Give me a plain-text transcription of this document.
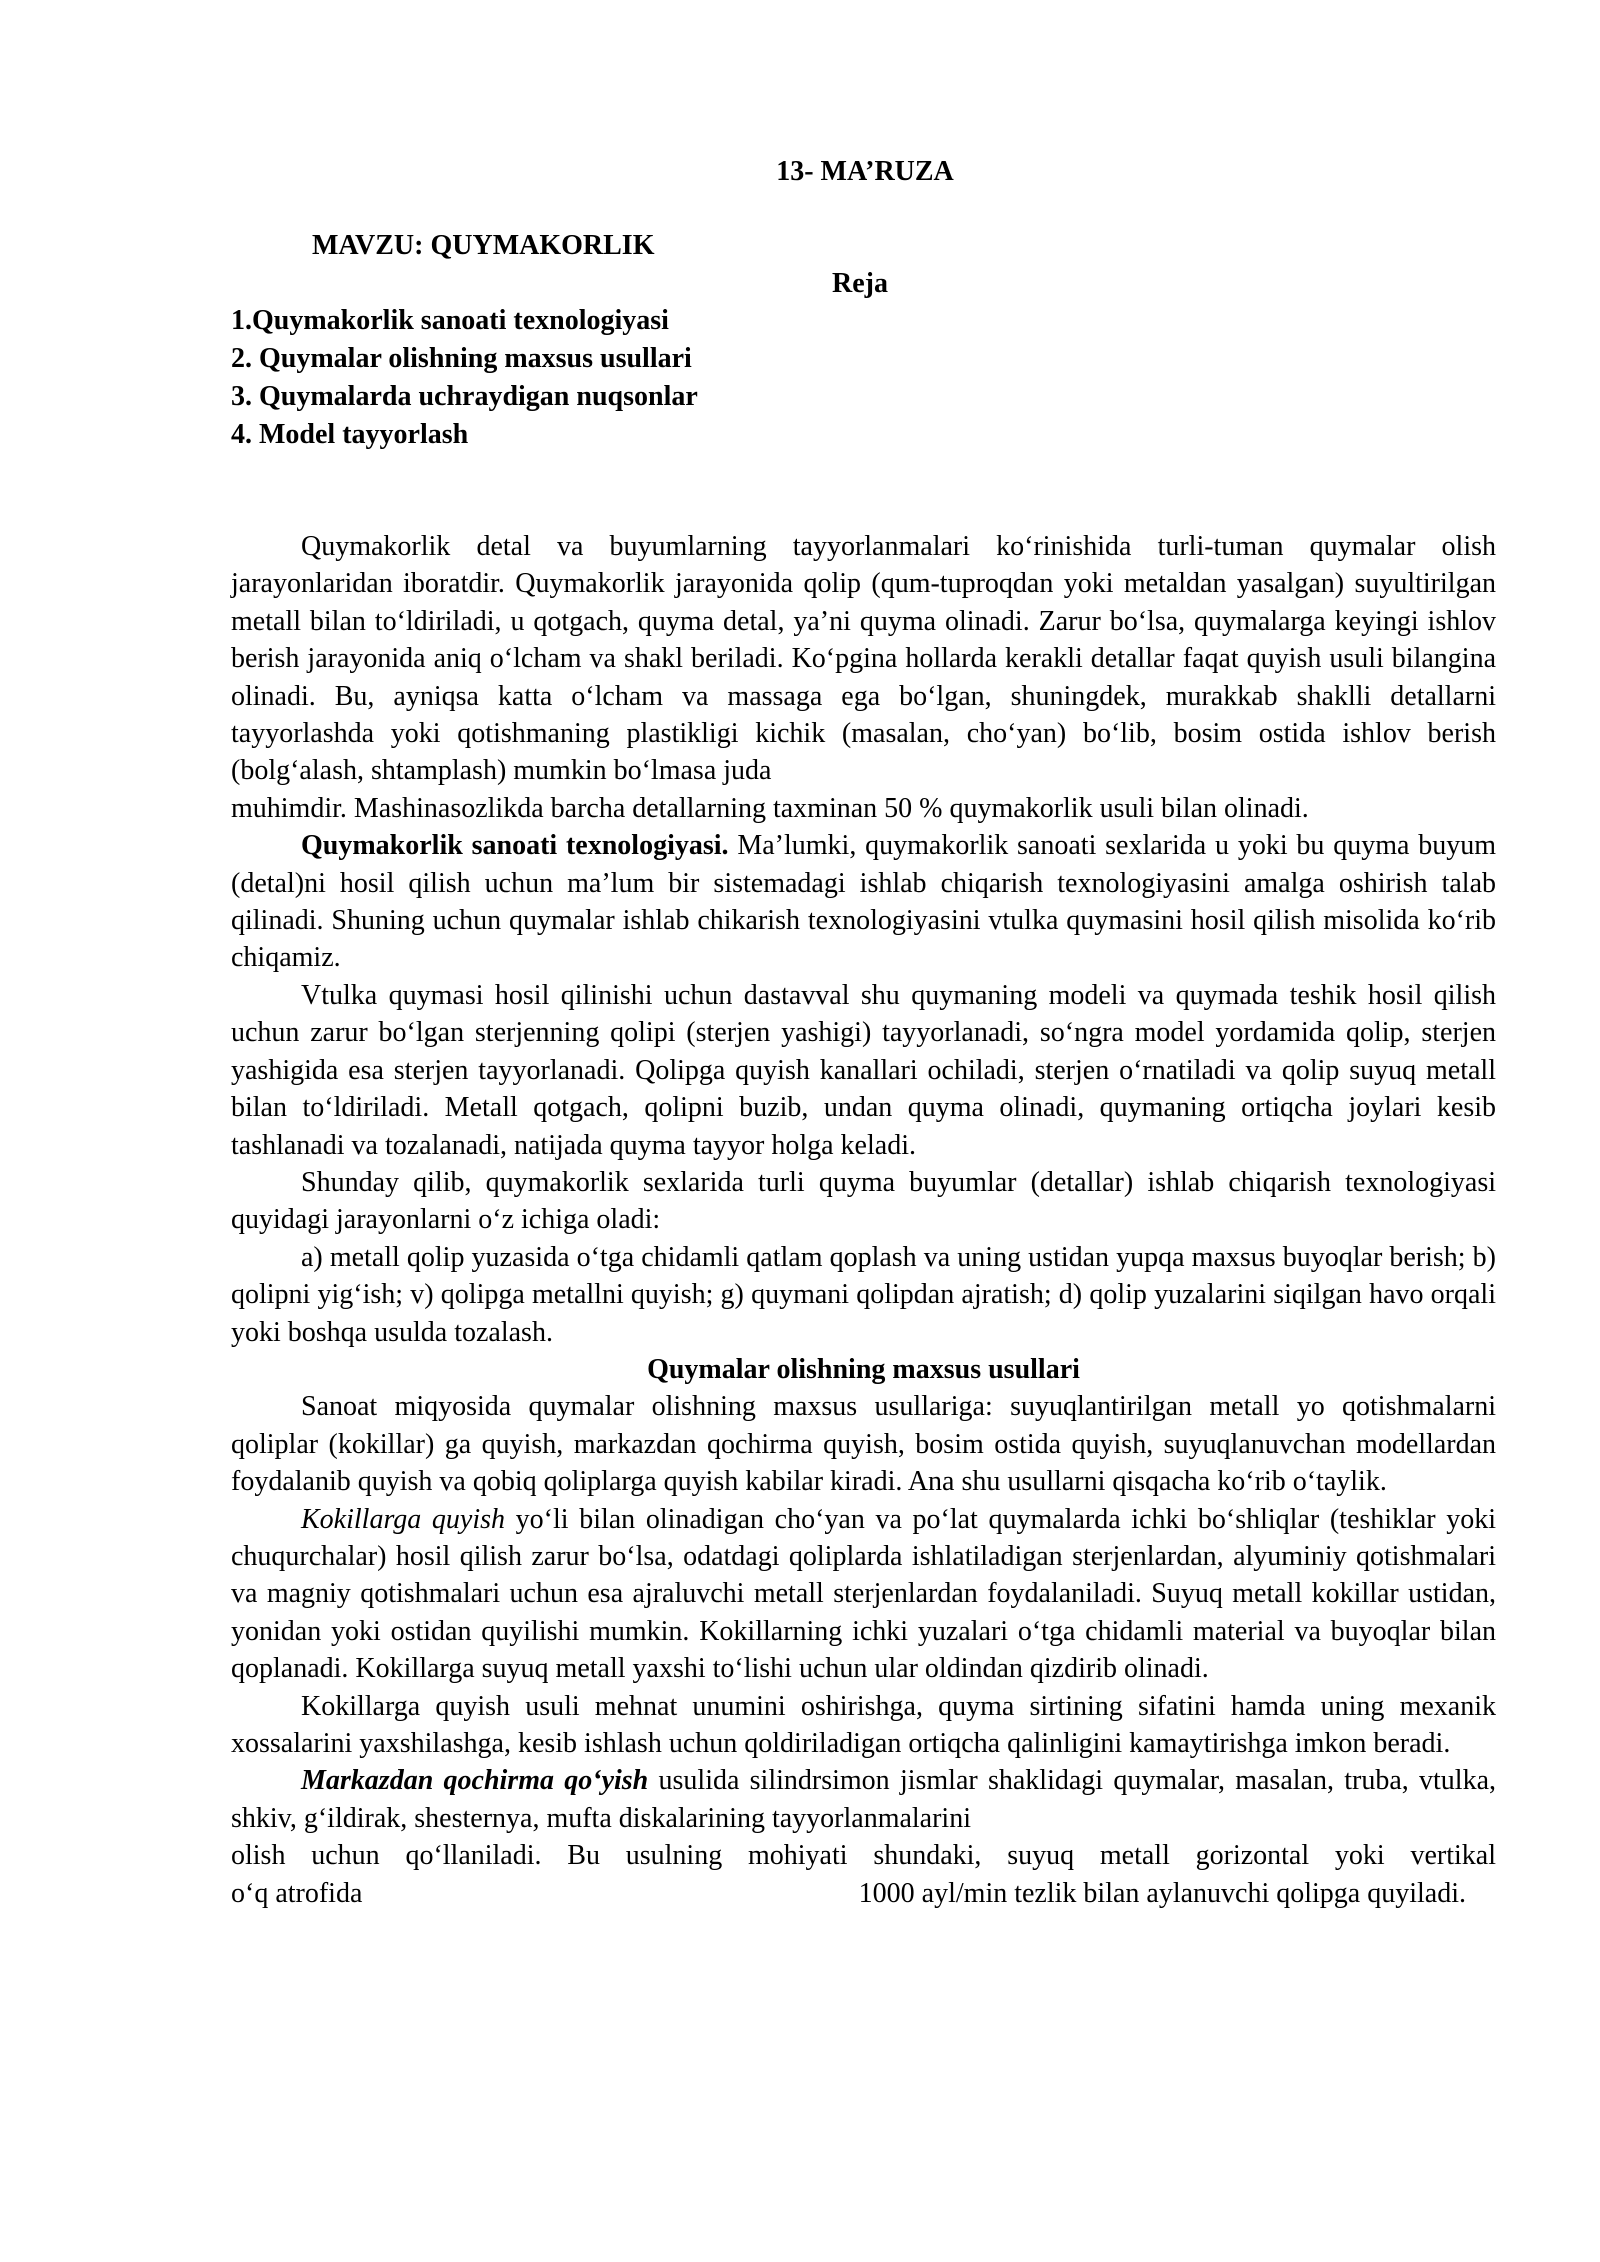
13- MA’RUZA
MAVZU: QUYMAKORLIK
Reja
1.Quymakorlik sanoati texnologiyasi
2. Quymalar olishning maxsus usullari
3. Quymalarda uchraydigan nuqsonlar
4. Model tayyorlash

Quymakorlik detal va buyumlarning tayyorlanmalari ko‘rinishida turli-tuman quymalar olish jarayonlaridan iboratdir. Quymakorlik jarayonida qolip (qum-tuproqdan yoki metaldan yasalgan) suyultirilgan metall bilan to‘ldiriladi, u qotgach, quyma detal, ya’ni quyma olinadi. Zarur bo‘lsa, quymalarga keyingi ishlov berish jarayonida aniq o‘lcham va shakl beriladi. Ko‘pgina hollarda kerakli detallar faqat quyish usuli bilangina olinadi. Bu, ayniqsa katta o‘lcham va massaga ega bo‘lgan, shuningdek, murakkab shaklli detallarni tayyorlashda yoki qotishmaning plastikligi kichik (masalan, cho‘yan) bo‘lib, bosim ostida ishlov berish (bolg‘alash, shtamplash) mumkin bo‘lmasa juda

muhimdir. Mashinasozlikda barcha detallarning taxminan 50 % quymakorlik usuli bilan olinadi.

Quymakorlik sanoati texnologiyasi. Ma’lumki, quymakorlik sanoati sexlarida u yoki bu quyma buyum (detal)ni hosil qilish uchun ma’lum bir sistemadagi ishlab chiqarish texnologiyasini amalga oshirish talab qilinadi. Shuning uchun quymalar ishlab chikarish texnologiyasini vtulka quymasini hosil qilish misolida ko‘rib chiqamiz.

Vtulka quymasi hosil qilinishi uchun dastavval shu quymaning modeli va quymada teshik hosil qilish uchun zarur bo‘lgan sterjenning qolipi (sterjen yashigi) tayyorlanadi, so‘ngra model yordamida qolip, sterjen yashigida esa sterjen tayyorlanadi. Qolipga quyish kanallari ochiladi, sterjen o‘rnatiladi va qolip suyuq metall bilan to‘ldiriladi. Metall qotgach, qolipni buzib, undan quyma olinadi, quymaning ortiqcha joylari kesib tashlanadi va tozalanadi, natijada quyma tayyor holga keladi.

Shunday qilib, quymakorlik sexlarida turli quyma buyumlar (detallar) ishlab chiqarish texnologiyasi quyidagi jarayonlarni o‘z ichiga oladi:

a) metall qolip yuzasida o‘tga chidamli qatlam qoplash va uning ustidan yupqa maxsus buyoqlar berish; b) qolipni yig‘ish; v) qolipga metallni quyish; g) quymani qolipdan ajratish; d) qolip yuzalarini siqilgan havo orqali yoki boshqa usulda tozalash.

Quymalar olishning maxsus usullari

Sanoat miqyosida quymalar olishning maxsus usullariga: suyuqlantirilgan metall yo qotishmalarni qoliplar (kokillar) ga quyish, markazdan qochirma quyish, bosim ostida quyish, suyuqlanuvchan modellardan foydalanib quyish va qobiq qoliplarga quyish kabilar kiradi. Ana shu usullarni qisqacha ko‘rib o‘taylik.

Kokillarga quyish yo‘li bilan olinadigan cho‘yan va po‘lat quymalarda ichki bo‘shliqlar (teshiklar yoki chuqurchalar) hosil qilish zarur bo‘lsa, odatdagi qoliplarda ishlatiladigan sterjenlardan, alyuminiy qotishmalari va magniy qotishmalari uchun esa ajraluvchi metall sterjenlardan foydalaniladi. Suyuq metall kokillar ustidan, yonidan yoki ostidan quyilishi mumkin. Kokillarning ichki yuzalari o‘tga chidamli material va buyoqlar bilan qoplanadi. Kokillarga suyuq metall yaxshi to‘lishi uchun ular oldindan qizdirib olinadi.

Kokillarga quyish usuli mehnat unumini oshirishga, quyma sirtining sifatini hamda uning mexanik xossalarini yaxshilashga, kesib ishlash uchun qoldiriladigan ortiqcha qalinligini kamaytirishga imkon beradi.

Markazdan qochirma qo‘yish usulida silindrsimon jismlar shaklidagi quymalar, masalan, truba, vtulka, shkiv, g‘ildirak, shesternya, mufta diskalarining tayyorlanmalarini

olish uchun qo‘llaniladi. Bu usulning mohiyati shundaki, suyuq metall gorizontal yoki vertikal

o‘q atrofida	1000 ayl/min tezlik bilan aylanuvchi qolipga quyiladi.
